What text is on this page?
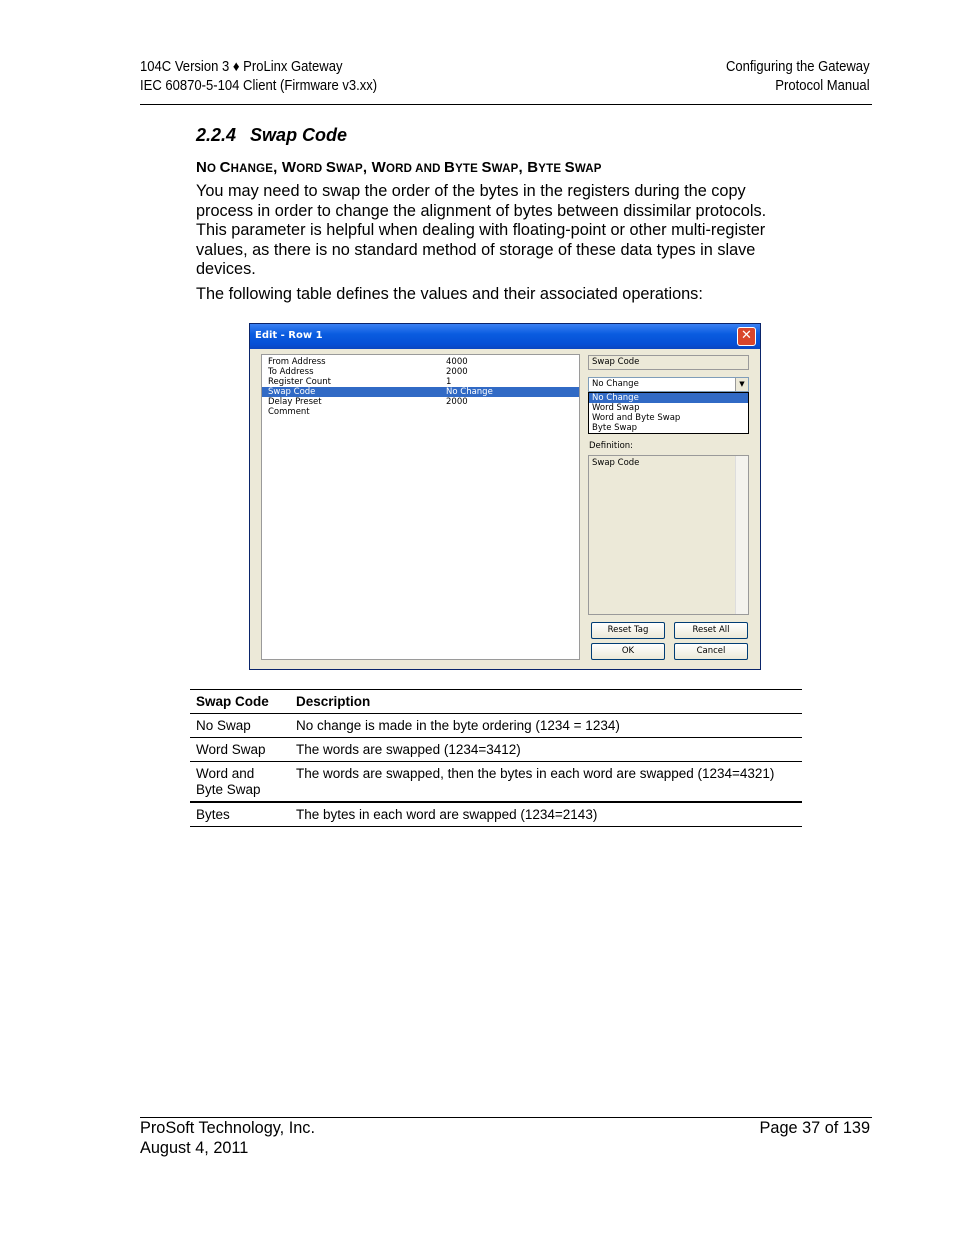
104C Version 3 ♦ ProLinx Gateway
IEC 60870-5-104 Client (Firmware v3.xx)
Configuring the Gateway
Protocol Manual
2.2.4 Swap Code
NO CHANGE, WORD SWAP, WORD AND BYTE SWAP, BYTE SWAP
You may need to swap the order of the bytes in the registers during the copy
process in order to change the alignment of bytes between dissimilar protocols.
This parameter is helpful when dealing with floating-point or other multi-register
values, as there is no standard method of storage of these data types in slave
devices.
The following table defines the values and their associated operations:
Edit - Row 1	✕
From Address	4000
To Address	2000
Register Count	1
Swap Code	No Change
Delay Preset	2000
Comment
Swap Code
No Change	▼
No Change
Word Swap
Word and Byte Swap
Byte Swap
Definition:
Swap Code
Reset Tag	Reset All
OK	Cancel
Swap Code	Description
No Swap	No change is made in the byte ordering (1234 = 1234)
Word Swap	The words are swapped (1234=3412)
Word and Byte Swap	The words are swapped, then the bytes in each word are swapped (1234=4321)
Bytes	The bytes in each word are swapped (1234=2143)
ProSoft Technology, Inc.
August 4, 2011
Page 37 of 139
